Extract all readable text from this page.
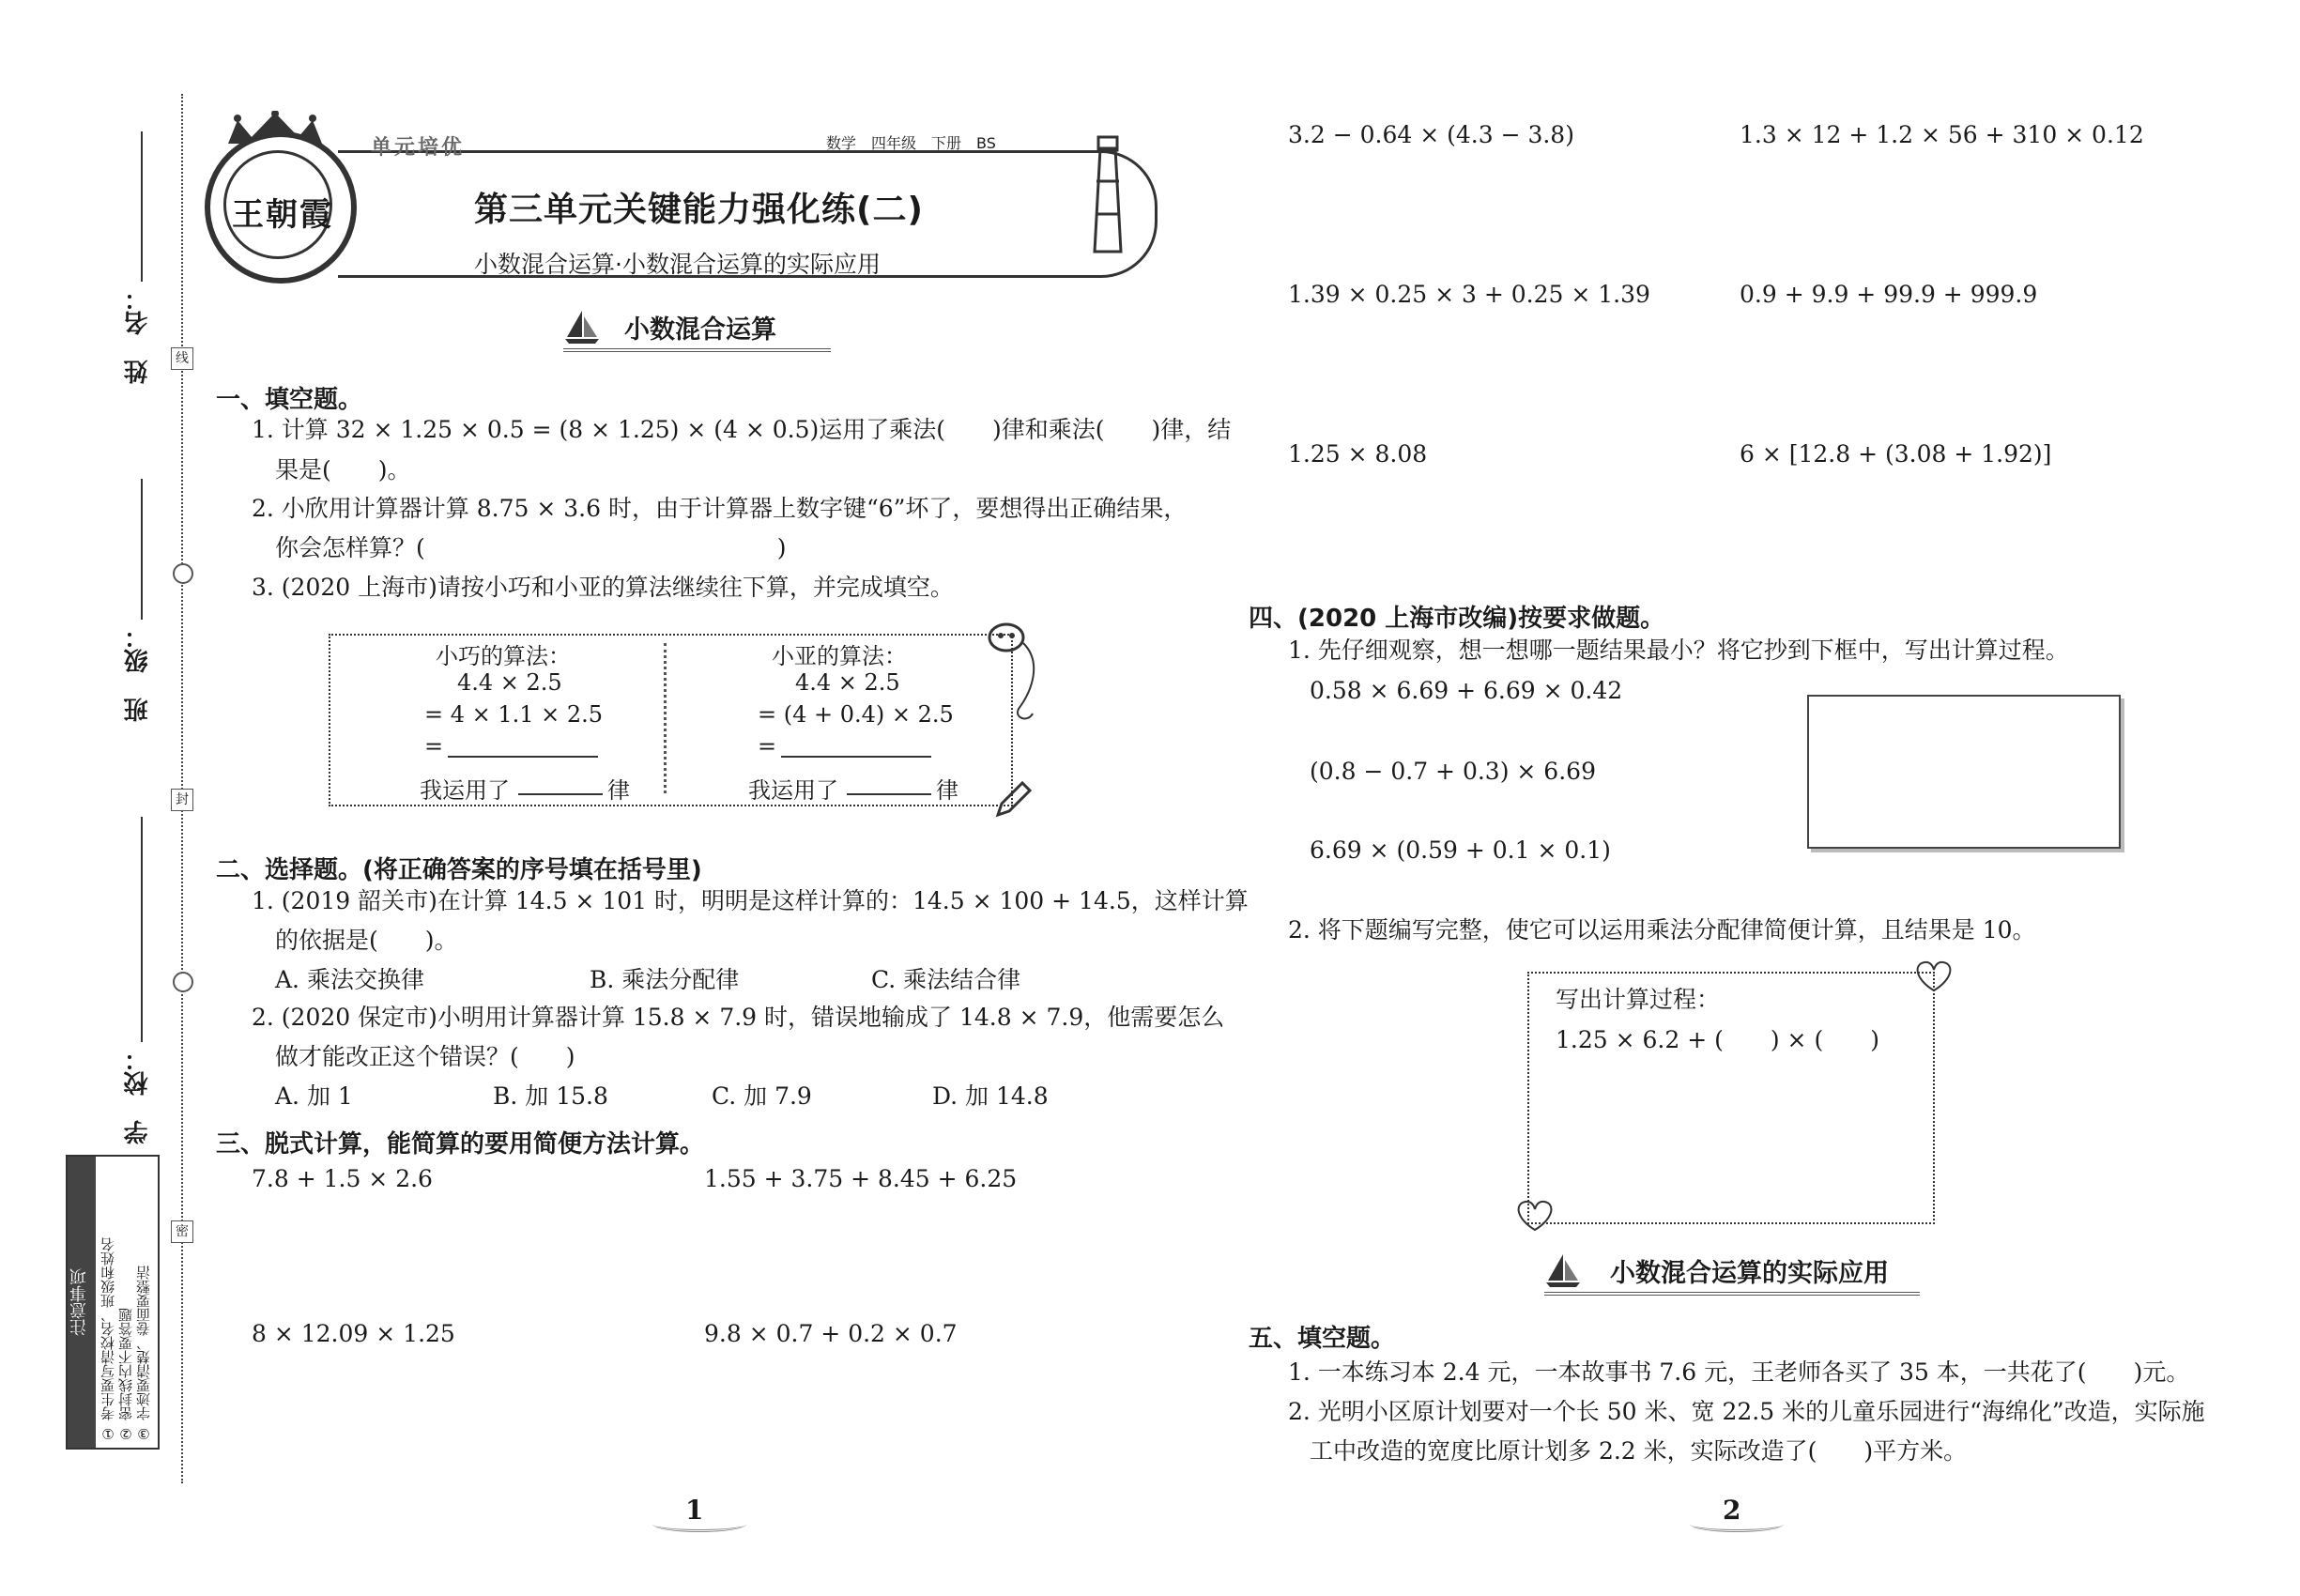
线
封
密
姓　名：
班　级：
学　校：
注意事项 ① 考生要写清校名、班级和姓名 ② 密封线内不要答题 ③ 字迹要清楚、卷面要整洁
王朝霞
单元培优	数学　四年级　下册　BS
第三单元关键能力强化练(二)
小数混合运算·小数混合运算的实际应用
小数混合运算
一、填空题。
1. 计算 32 × 1.25 × 0.5 = (8 × 1.25) × (4 × 0.5)运用了乘法(　　)律和乘法(　　)律，结
果是(　　)。
2. 小欣用计算器计算 8.75 × 3.6 时，由于计算器上数字键“6”坏了，要想得出正确结果，
你会怎样算？(　　　　　　　　　　　　　　　)
3. (2020 上海市)请按小巧和小亚的算法继续往下算，并完成填空。
小巧的算法：
4.4 × 2.5
= 4 × 1.1 × 2.5
=
我运用了	律
小亚的算法：
4.4 × 2.5
= (4 + 0.4) × 2.5
=
我运用了	律
二、选择题。(将正确答案的序号填在括号里)
1. (2019 韶关市)在计算 14.5 × 101 时，明明是这样计算的：14.5 × 100 + 14.5，这样计算
的依据是(　　)。
A. 乘法交换律	B. 乘法分配律	C. 乘法结合律
2. (2020 保定市)小明用计算器计算 15.8 × 7.9 时，错误地输成了 14.8 × 7.9，他需要怎么
做才能改正这个错误？(　　)
A. 加 1	B. 加 15.8	C. 加 7.9	D. 加 14.8
三、脱式计算，能简算的要用简便方法计算。
7.8 + 1.5 × 2.6	1.55 + 3.75 + 8.45 + 6.25
8 × 12.09 × 1.25	9.8 × 0.7 + 0.2 × 0.7
1
3.2 − 0.64 × (4.3 − 3.8)	1.3 × 12 + 1.2 × 56 + 310 × 0.12
1.39 × 0.25 × 3 + 0.25 × 1.39	0.9 + 9.9 + 99.9 + 999.9
1.25 × 8.08	6 × [12.8 + (3.08 + 1.92)]
四、(2020 上海市改编)按要求做题。
1. 先仔细观察，想一想哪一题结果最小？将它抄到下框中，写出计算过程。
0.58 × 6.69 + 6.69 × 0.42
(0.8 − 0.7 + 0.3) × 6.69
6.69 × (0.59 + 0.1 × 0.1)
2. 将下题编写完整，使它可以运用乘法分配律简便计算，且结果是 10。
写出计算过程：
1.25 × 6.2 + (　　) × (　　)
小数混合运算的实际应用
五、填空题。
1. 一本练习本 2.4 元，一本故事书 7.6 元，王老师各买了 35 本，一共花了(　　)元。
2. 光明小区原计划要对一个长 50 米、宽 22.5 米的儿童乐园进行“海绵化”改造，实际施
工中改造的宽度比原计划多 2.2 米，实际改造了(　　)平方米。
2
